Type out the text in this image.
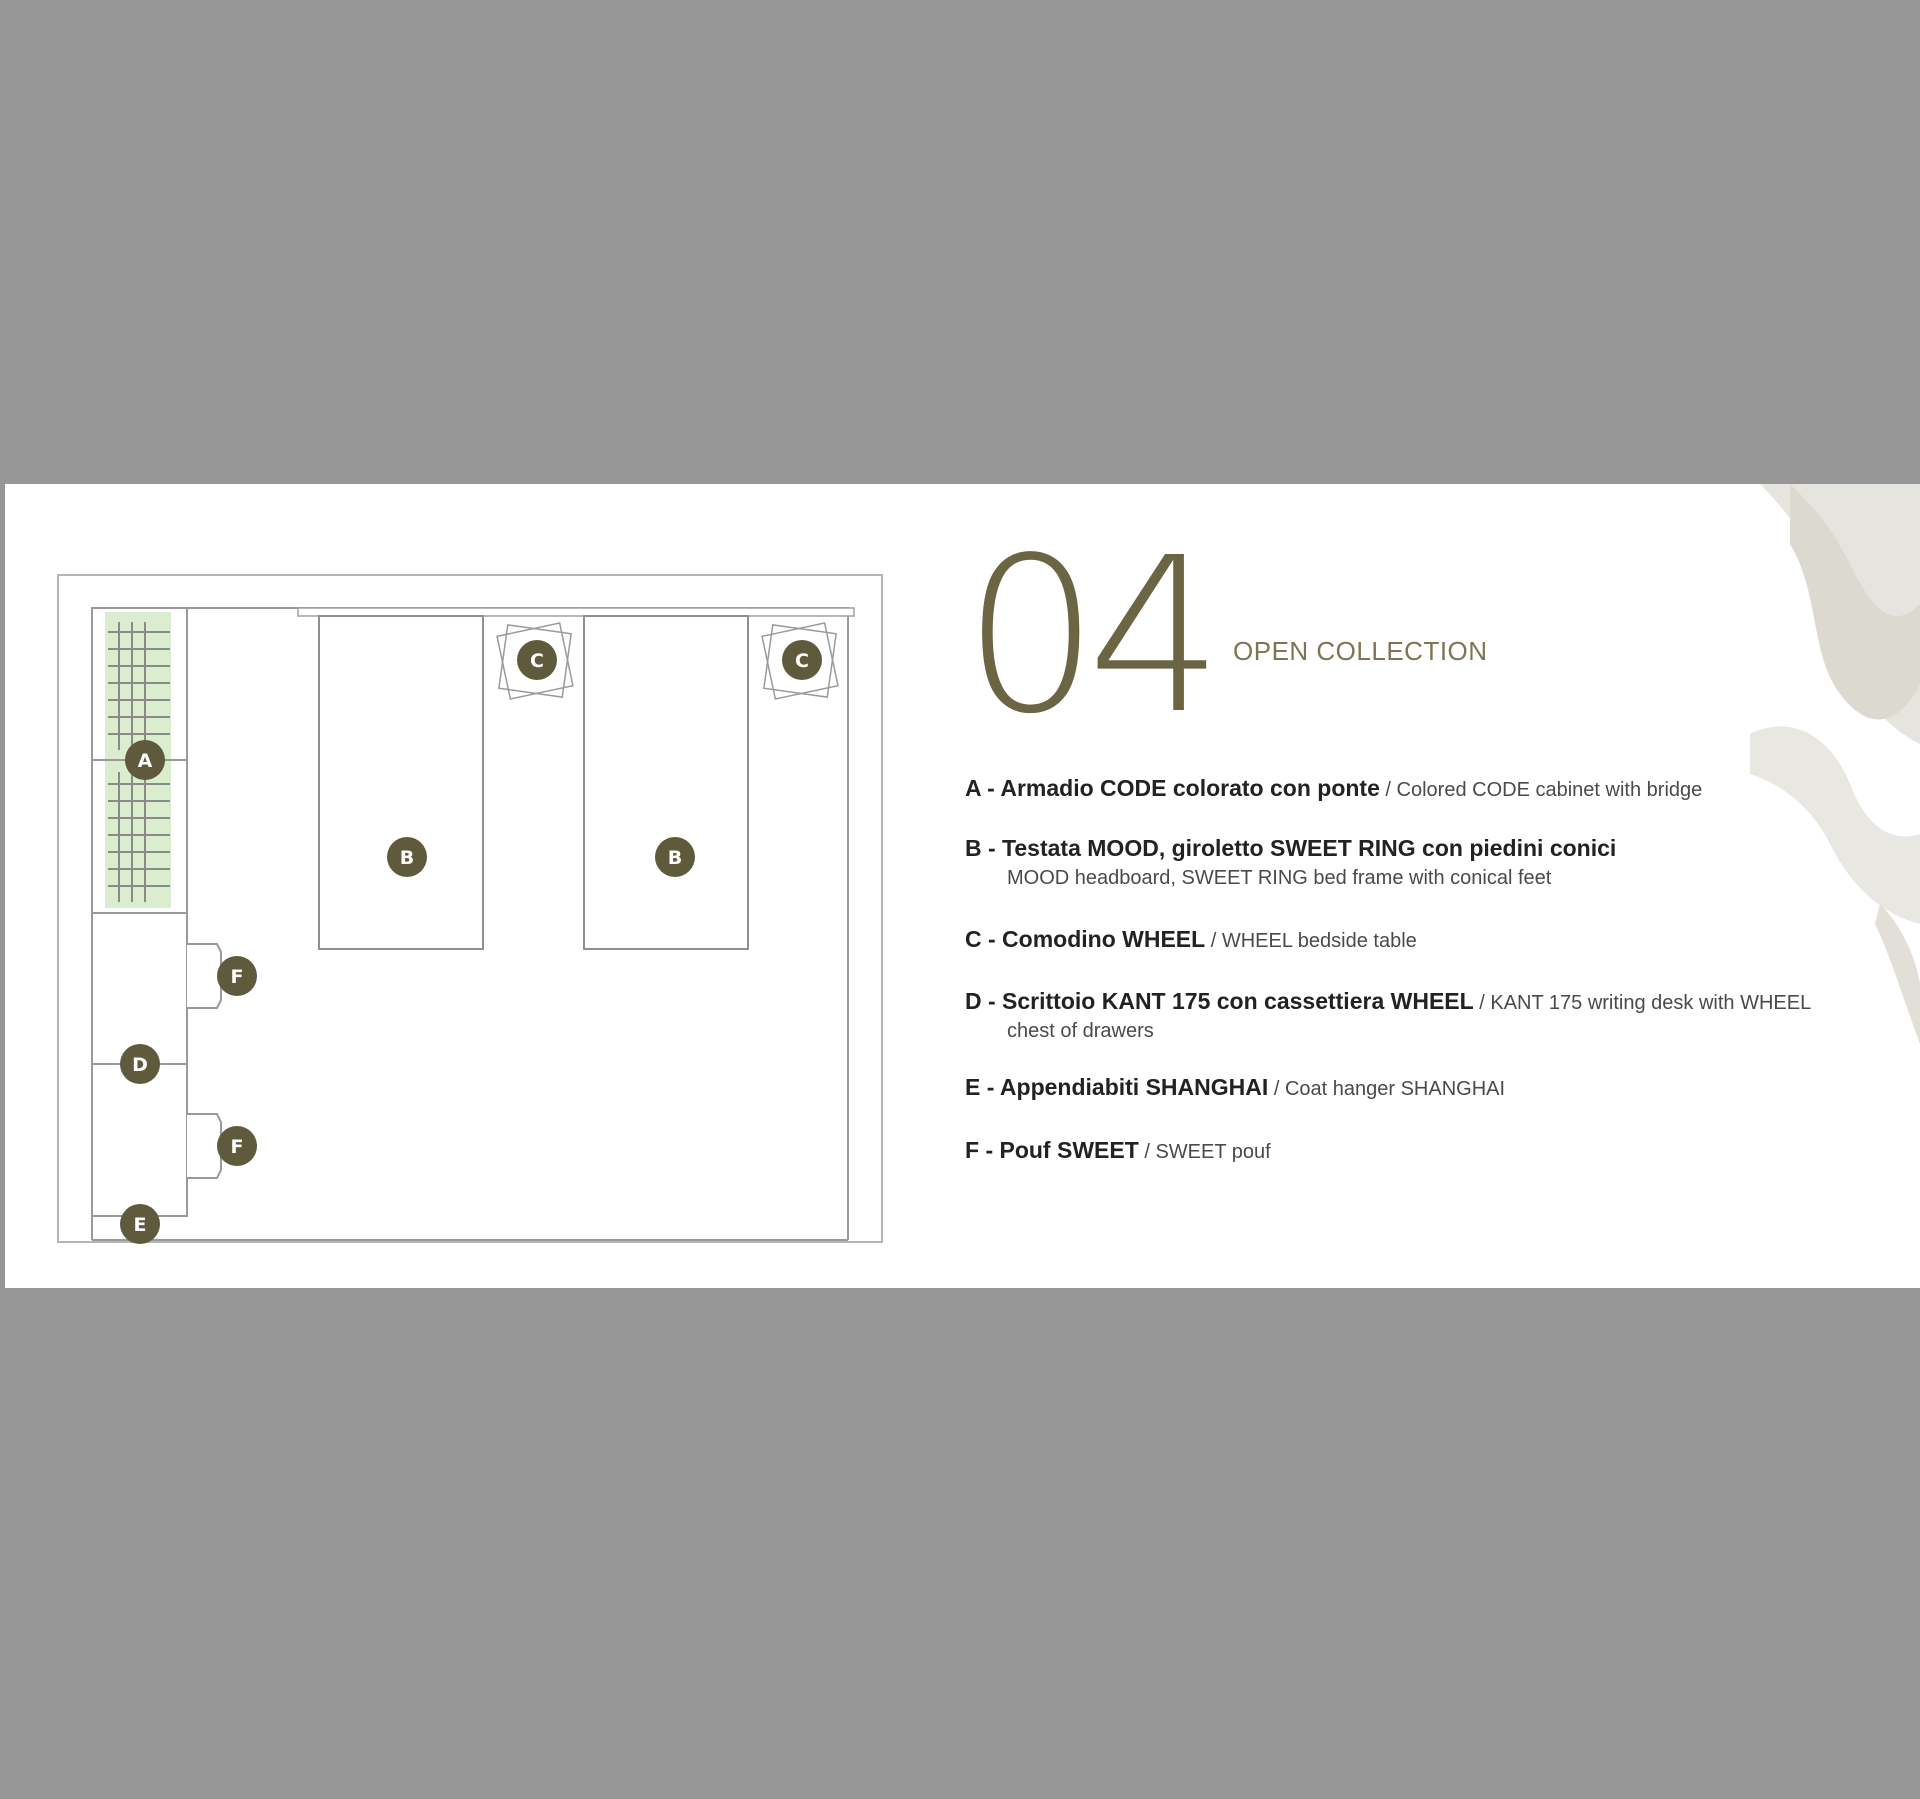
A
B	B
C	C
D
E
F
F
04 OPEN COLLECTION
A - Armadio CODE colorato con ponte / Colored CODE cabinet with bridge
B - Testata MOOD, giroletto SWEET RING con piedini conici
MOOD headboard, SWEET RING bed frame with conical feet
C - Comodino WHEEL / WHEEL bedside table
D - Scrittoio KANT 175 con cassettiera WHEEL / KANT 175 writing desk with WHEEL
chest of drawers
E - Appendiabiti SHANGHAI / Coat hanger SHANGHAI
F - Pouf SWEET / SWEET pouf
